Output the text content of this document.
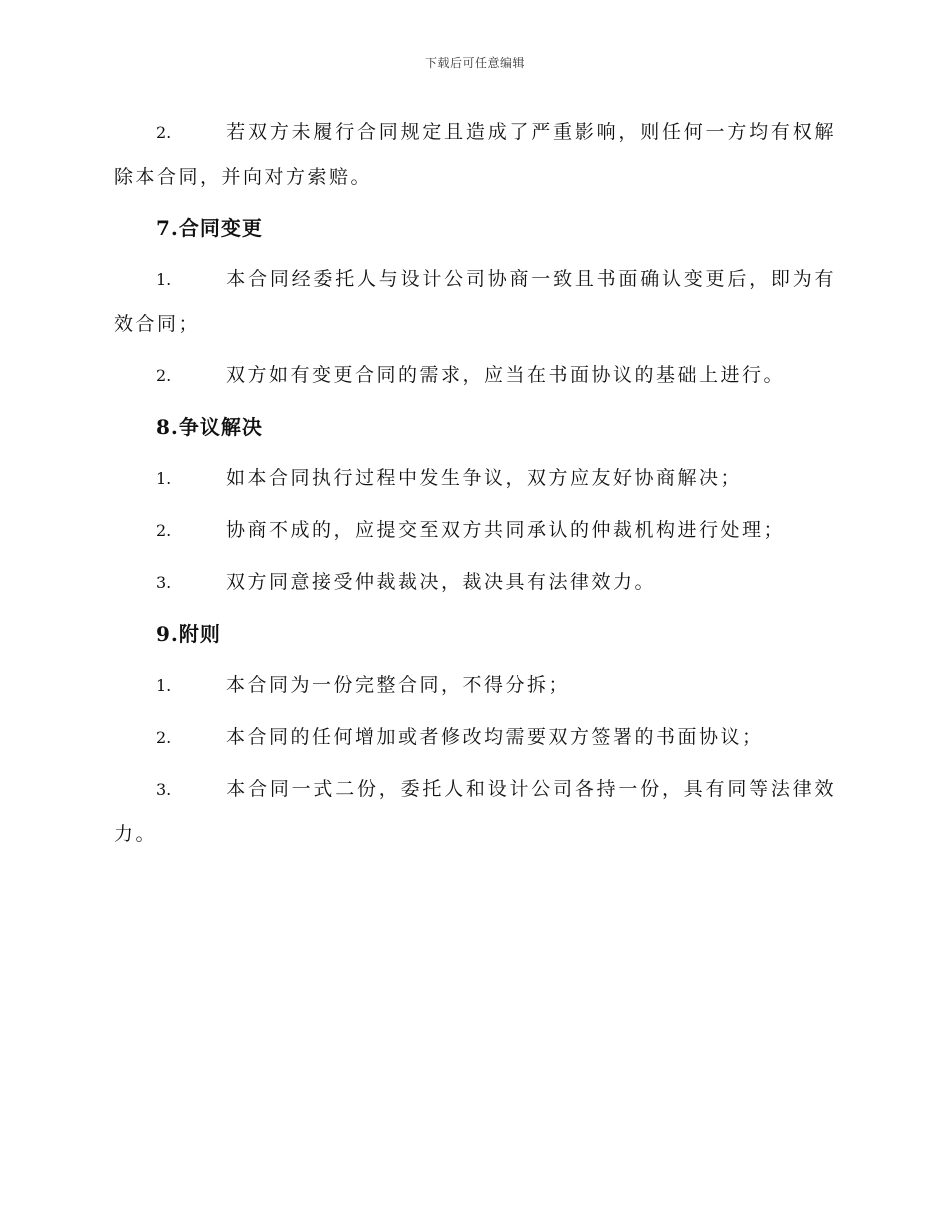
下载后可任意编辑

2.	若双方未履行合同规定且造成了严重影响，则任何一方均有权解除本合同，并向对方索赔。

7.合同变更

1.	本合同经委托人与设计公司协商一致且书面确认变更后，即为有效合同；

2.	双方如有变更合同的需求，应当在书面协议的基础上进行。

8.争议解决

1.	如本合同执行过程中发生争议，双方应友好协商解决；

2.	协商不成的，应提交至双方共同承认的仲裁机构进行处理；

3.	双方同意接受仲裁裁决，裁决具有法律效力。

9.附则

1.	本合同为一份完整合同，不得分拆；

2.	本合同的任何增加或者修改均需要双方签署的书面协议；

3.	本合同一式二份，委托人和设计公司各持一份，具有同等法律效力。
